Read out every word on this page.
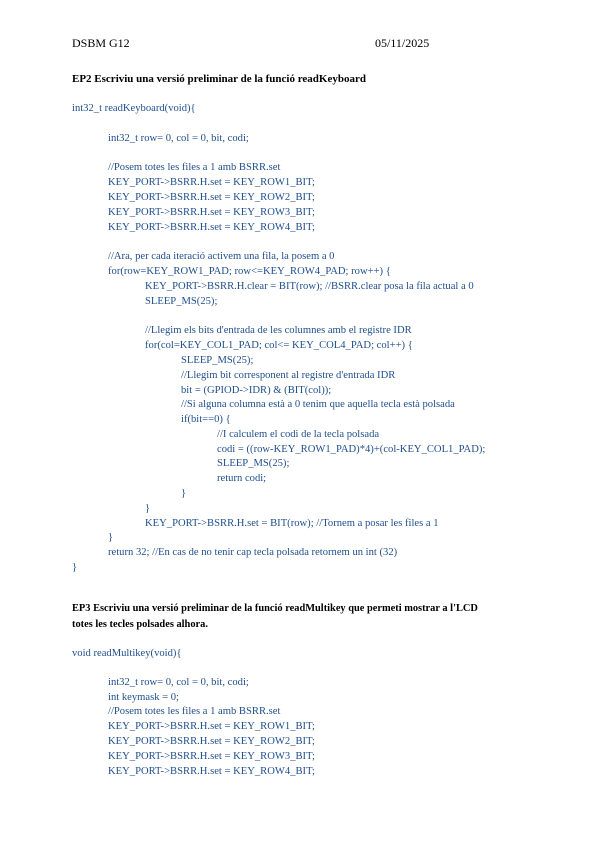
DSBM G12	05/11/2025
EP2 Escriviu una versió preliminar de la funció readKeyboard

int32_t readKeyboard(void){

int32_t row= 0, col = 0, bit, codi;

//Posem totes les files a 1 amb BSRR.set

KEY_PORT->BSRR.H.set = KEY_ROW1_BIT;

KEY_PORT->BSRR.H.set = KEY_ROW2_BIT;

KEY_PORT->BSRR.H.set = KEY_ROW3_BIT;

KEY_PORT->BSRR.H.set = KEY_ROW4_BIT;

//Ara, per cada iteració activem una fila, la posem a 0

for(row=KEY_ROW1_PAD; row<=KEY_ROW4_PAD; row++) {

KEY_PORT->BSRR.H.clear = BIT(row); //BSRR.clear posa la fila actual a 0

SLEEP_MS(25);

//Llegim els bits d'entrada de les columnes amb el registre IDR

for(col=KEY_COL1_PAD; col<= KEY_COL4_PAD; col++) {

SLEEP_MS(25);

//Llegim bit corresponent al registre d'entrada IDR

bit = (GPIOD->IDR) & (BIT(col));

//Si alguna columna està a 0 tenim que aquella tecla està polsada

if(bit==0) {

//I calculem el codi de la tecla polsada

codi = ((row-KEY_ROW1_PAD)*4)+(col-KEY_COL1_PAD);

SLEEP_MS(25);

return codi;

}

}

KEY_PORT->BSRR.H.set = BIT(row); //Tornem a posar les files a 1

}

return 32; //En cas de no tenir cap tecla polsada retornem un int (32)

}

EP3 Escriviu una versió preliminar de la funció readMultikey que permeti mostrar a l'LCD
totes les tecles polsades alhora.

void readMultikey(void){

int32_t row= 0, col = 0, bit, codi;

int keymask = 0;

//Posem totes les files a 1 amb BSRR.set

KEY_PORT->BSRR.H.set = KEY_ROW1_BIT;

KEY_PORT->BSRR.H.set = KEY_ROW2_BIT;

KEY_PORT->BSRR.H.set = KEY_ROW3_BIT;

KEY_PORT->BSRR.H.set = KEY_ROW4_BIT;
